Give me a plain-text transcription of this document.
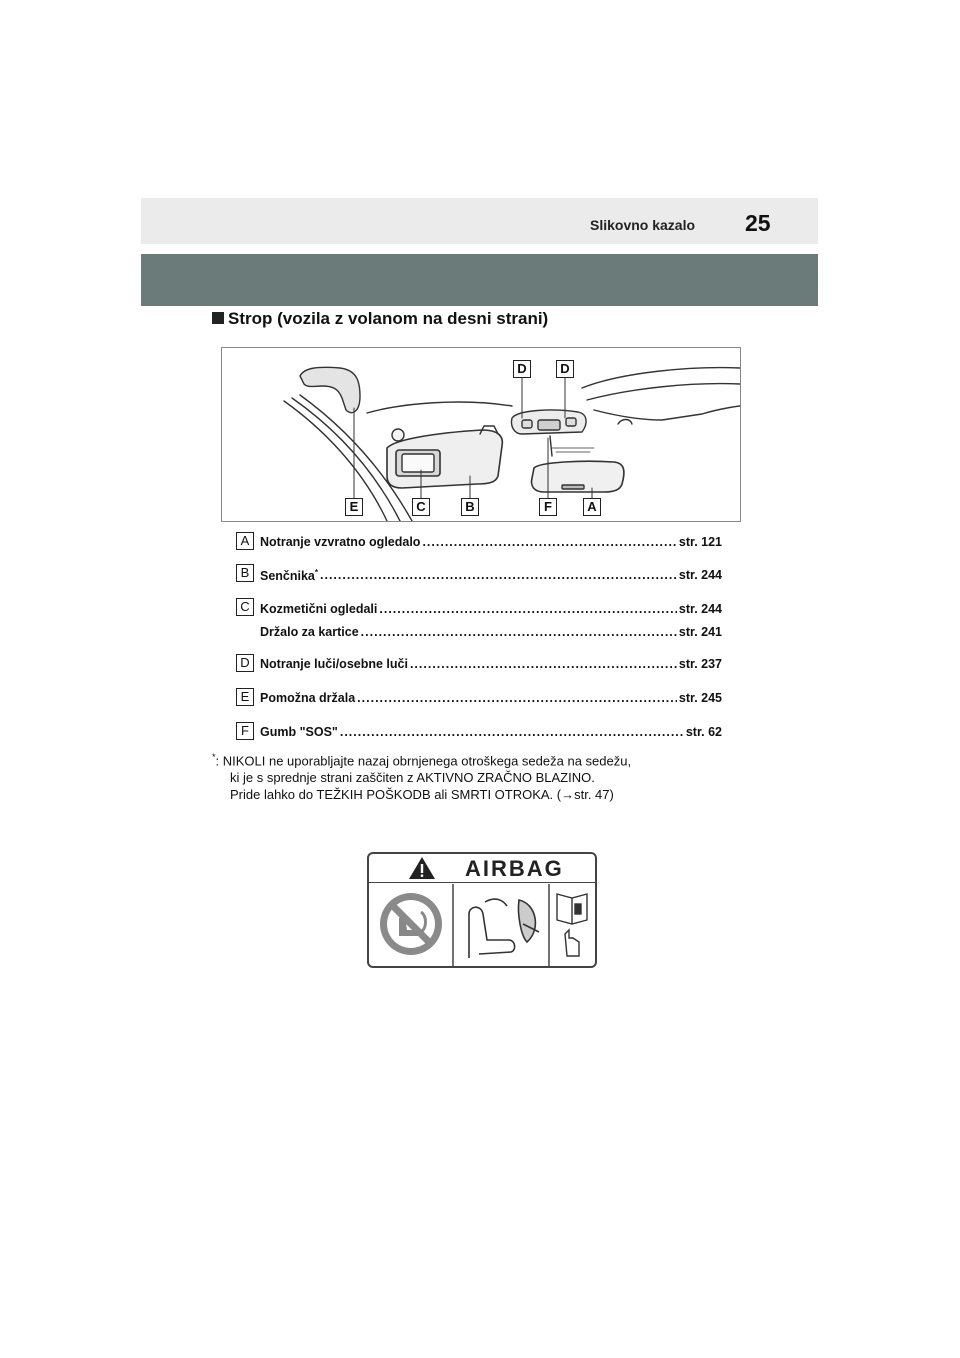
Slikovno kazalo 25
Strop (vozila z volanom na desni strani)
D	D
E	C	B	F	A
A Notranje vzvratno ogledalo .....	str. 121
B Senčnika* .....	str. 244
C Kozmetični ogledali .....	str. 244
Držalo za kartice .....	str. 241
D Notranje luči/osebne luči .....	str. 237
E Pomožna držala .....	str. 245
F Gumb "SOS" .....	str. 62
*: NIKOLI ne uporabljajte nazaj obrnjenega otroškega sedeža na sedežu,
ki je s sprednje strani zaščiten z AKTIVNO ZRAČNO BLAZINO.
Pride lahko do TEŽKIH POŠKODB ali SMRTI OTROKA. (→str. 47)
AIRBAG
